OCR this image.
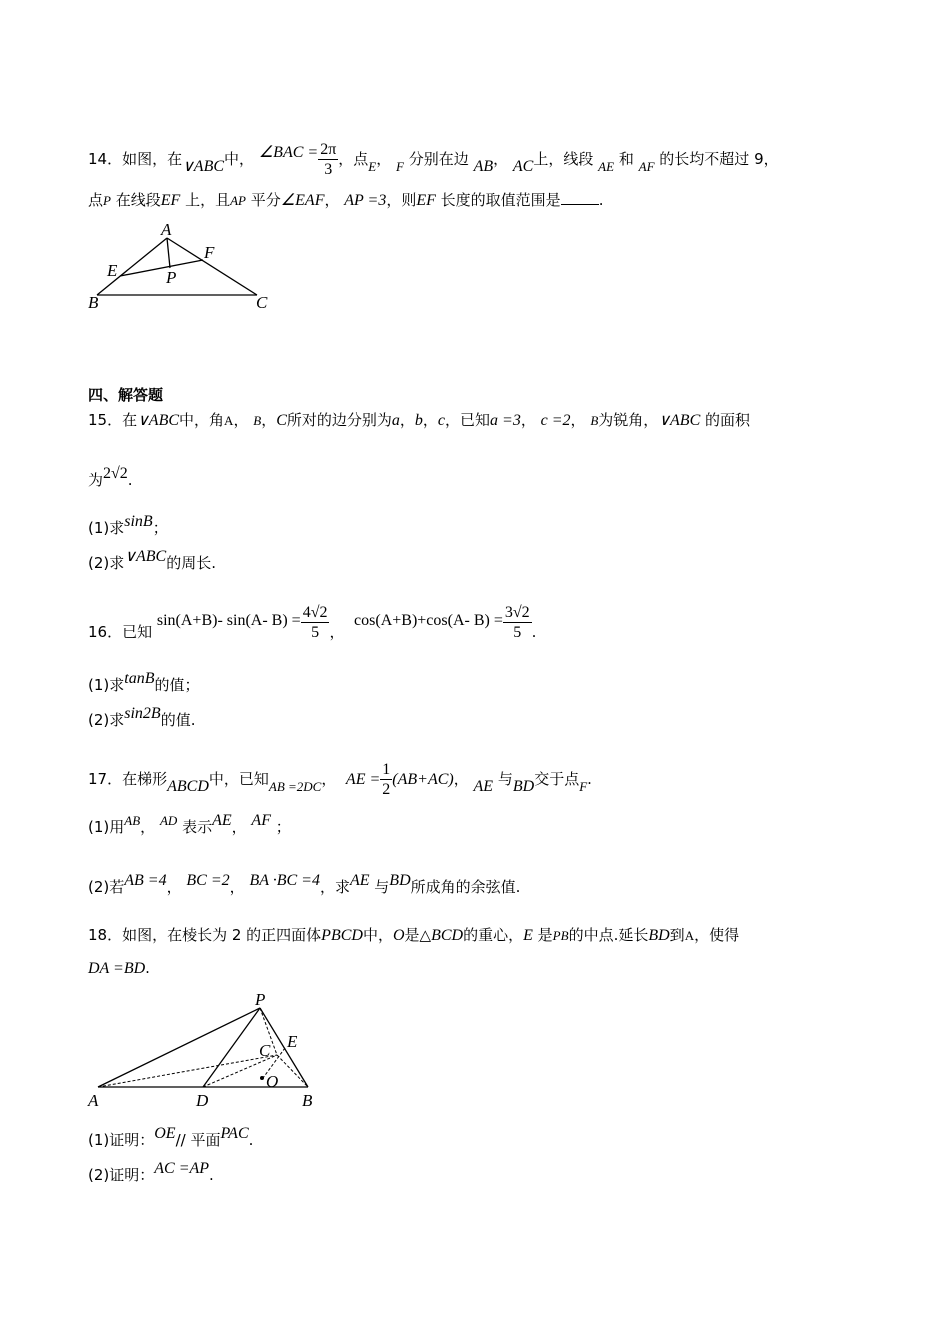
14．如图，在∨ABC中， ∠BAC = $\frac{2\pi}{3}$ ，点E， F 分别在边 AB， AC上，线段 AE 和 AF 的长均不超过 9，
点P 在线段EF 上，且AP 平分∠EAF， AP =3，则EF 长度的取值范围是	.
A
E
F
P
B	C
四、解答题
15．在∨ABC中，角A， B，C所对的边分别为a，b，c，已知a =3， c =2， B为锐角，∨ABC 的面积
为2√2.
(1)求sinB；
(2)求∨ABC的周长.
16．已知 sin(A+B)- sin(A- $B) = \frac{4√2}{5}$ ，  cos(A+B)+cos(A- $B) = \frac{3√2}{5}$ .
(1)求tanB的值；
(2)求sin2B的值.
17．在梯形ABCD中，已知AB =2DC， AE = $\frac{1}{2} (AB+AC)$， AE 与BD交于点F.
(1)用AB， AD 表示AE， AF ；
(2)若AB =4， BC =2， BA ·BC =4，求AE 与BD所成角的余弦值.
18．如图，在棱长为 2 的正四面体PBCD中，O是△BCD的重心，E 是PB的中点.延长BD到A，使得
DA =BD.
P
A	D	B
C E
O
(1)证明：OE// 平面PAC.
(2)证明：AC =AP.
